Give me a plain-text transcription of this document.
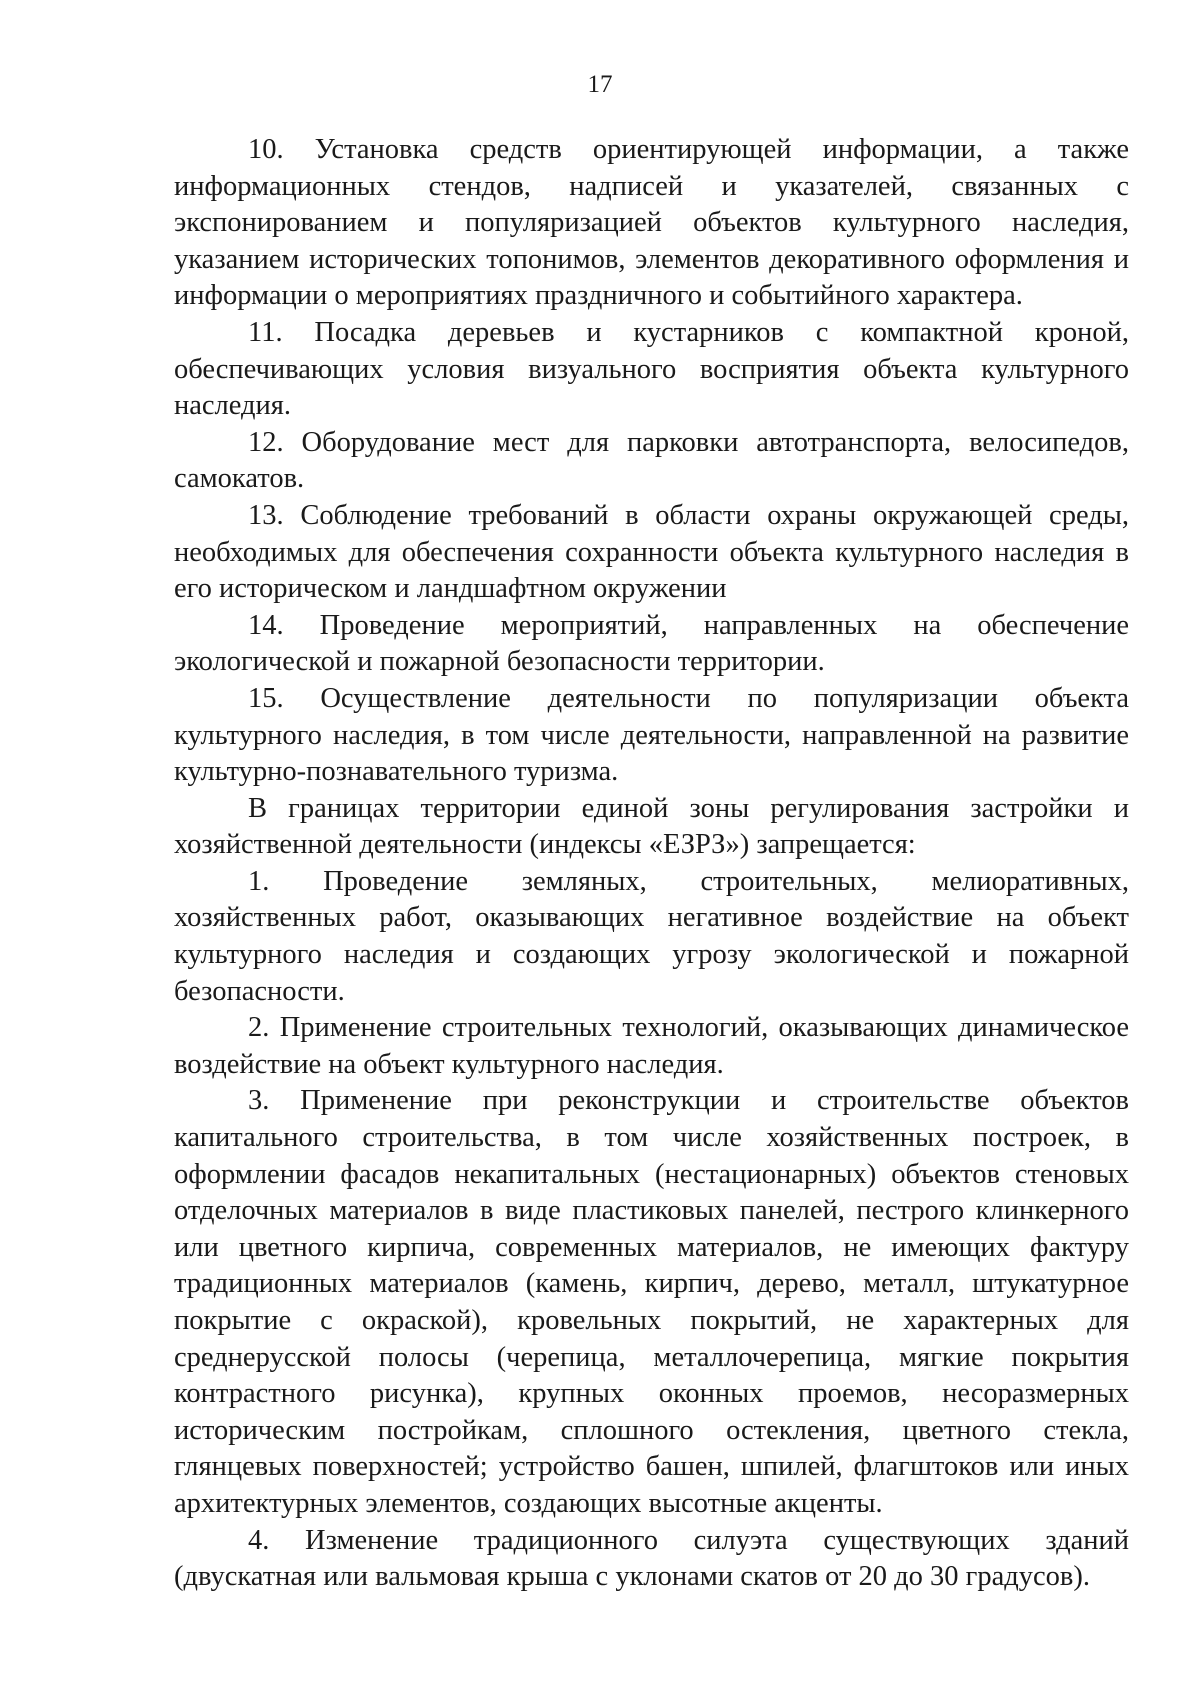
17

10. Установка средств ориентирующей информации, а также информационных стендов, надписей и указателей, связанных с экспонированием и популяризацией объектов культурного наследия, указанием исторических топонимов, элементов декоративного оформления и информации о мероприятиях праздничного и событийного характера.

11. Посадка деревьев и кустарников с компактной кроной, обеспечивающих условия визуального восприятия объекта культурного наследия.

12. Оборудование мест для парковки автотранспорта, велосипедов, самокатов.

13. Соблюдение требований в области охраны окружающей среды, необходимых для обеспечения сохранности объекта культурного наследия в его историческом и ландшафтном окружении

14. Проведение мероприятий, направленных на обеспечение экологической и пожарной безопасности территории.

15. Осуществление деятельности по популяризации объекта культурного наследия, в том числе деятельности, направленной на развитие культурно-познавательного туризма.

В границах территории единой зоны регулирования застройки и хозяйственной деятельности (индексы «ЕЗРЗ») запрещается:

1. Проведение земляных, строительных, мелиоративных, хозяйственных работ, оказывающих негативное воздействие на объект культурного наследия и создающих угрозу экологической и пожарной безопасности.

2. Применение строительных технологий, оказывающих динамическое воздействие на объект культурного наследия.

3. Применение при реконструкции и строительстве объектов капитального строительства, в том числе хозяйственных построек, в оформлении фасадов некапитальных (нестационарных) объектов стеновых отделочных материалов в виде пластиковых панелей, пестрого клинкерного или цветного кирпича, современных материалов, не имеющих фактуру традиционных материалов (камень, кирпич, дерево, металл, штукатурное покрытие с окраской), кровельных покрытий, не характерных для среднерусской полосы (черепица, металлочерепица, мягкие покрытия контрастного рисунка), крупных оконных проемов, несоразмерных историческим постройкам, сплошного остекления, цветного стекла, глянцевых поверхностей; устройство башен, шпилей, флагштоков или иных архитектурных элементов, создающих высотные акценты.

4. Изменение традиционного силуэта существующих зданий (двускатная или вальмовая крыша с уклонами скатов от 20 до 30 градусов).
